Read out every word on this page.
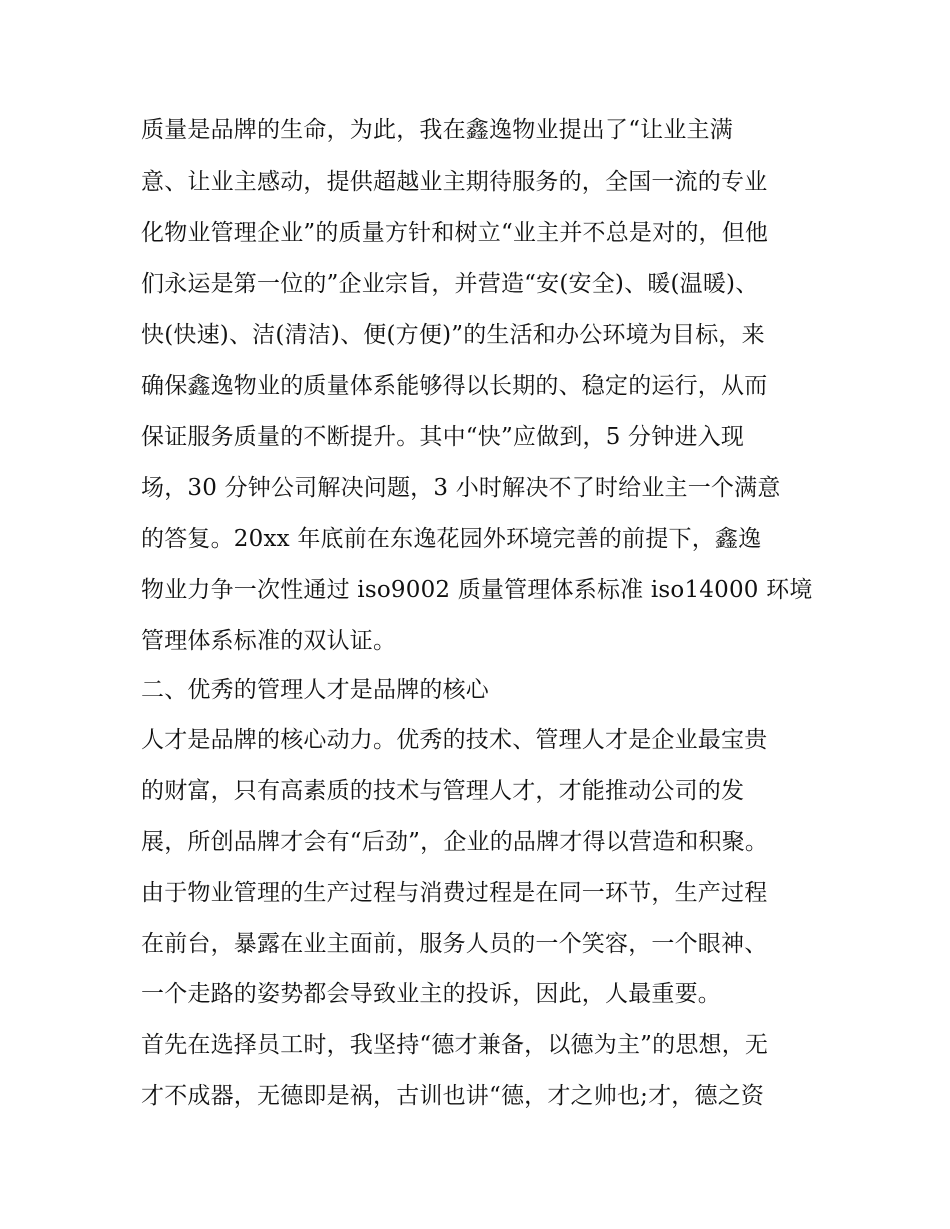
质量是品牌的生命，为此，我在鑫逸物业提出了“让业主满
意、让业主感动，提供超越业主期待服务的，全国一流的专业
化物业管理企业”的质量方针和树立“业主并不总是对的，但他
们永运是第一位的”企业宗旨，并营造“安(安全)、暖(温暖)、
快(快速)、洁(清洁)、便(方便)”的生活和办公环境为目标，来
确保鑫逸物业的质量体系能够得以长期的、稳定的运行，从而
保证服务质量的不断提升。其中“快”应做到，5 分钟进入现
场，30 分钟公司解决问题，3 小时解决不了时给业主一个满意
的答复。20xx 年底前在东逸花园外环境完善的前提下，鑫逸
物业力争一次性通过 iso9002 质量管理体系标准 iso14000 环境
管理体系标准的双认证。
二、优秀的管理人才是品牌的核心
人才是品牌的核心动力。优秀的技术、管理人才是企业最宝贵
的财富，只有高素质的技术与管理人才，才能推动公司的发
展，所创品牌才会有“后劲”，企业的品牌才得以营造和积聚。
由于物业管理的生产过程与消费过程是在同一环节，生产过程
在前台，暴露在业主面前，服务人员的一个笑容，一个眼神、
一个走路的姿势都会导致业主的投诉，因此，人最重要。
首先在选择员工时，我坚持“德才兼备，以德为主”的思想，无
才不成器，无德即是祸，古训也讲“德，才之帅也;才，德之资
